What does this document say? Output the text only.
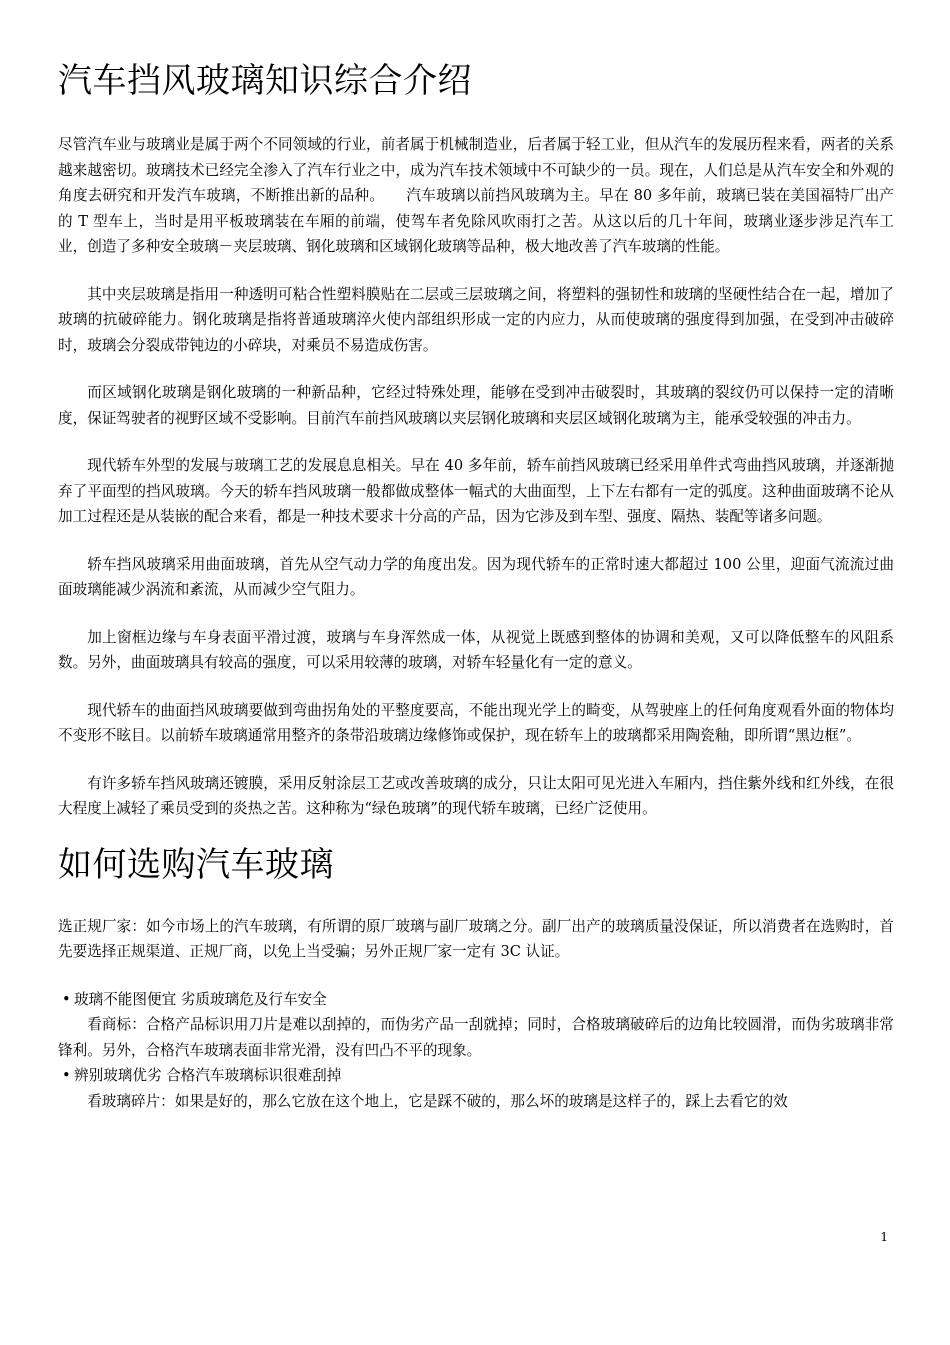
汽车挡风玻璃知识综合介绍

尽管汽车业与玻璃业是属于两个不同领域的行业，前者属于机械制造业，后者属于轻工业，但从汽车的发展历程来看，两者的关系越来越密切。玻璃技术已经完全渗入了汽车行业之中，成为汽车技术领域中不可缺少的一员。现在，人们总是从汽车安全和外观的角度去研究和开发汽车玻璃，不断推出新的品种。　　汽车玻璃以前挡风玻璃为主。早在 80 多年前，玻璃已装在美国福特厂出产的 T 型车上，当时是用平板玻璃装在车厢的前端，使驾车者免除风吹雨打之苦。从这以后的几十年间，玻璃业逐步涉足汽车工业，创造了多种安全玻璃－夹层玻璃、钢化玻璃和区域钢化玻璃等品种，极大地改善了汽车玻璃的性能。

其中夹层玻璃是指用一种透明可粘合性塑料膜贴在二层或三层玻璃之间，将塑料的强韧性和玻璃的坚硬性结合在一起，增加了玻璃的抗破碎能力。钢化玻璃是指将普通玻璃淬火使内部组织形成一定的内应力，从而使玻璃的强度得到加强，在受到冲击破碎时，玻璃会分裂成带钝边的小碎块，对乘员不易造成伤害。

而区域钢化玻璃是钢化玻璃的一种新品种，它经过特殊处理，能够在受到冲击破裂时，其玻璃的裂纹仍可以保持一定的清晰度，保证驾驶者的视野区域不受影响。目前汽车前挡风玻璃以夹层钢化玻璃和夹层区域钢化玻璃为主，能承受较强的冲击力。

现代轿车外型的发展与玻璃工艺的发展息息相关。早在 40 多年前，轿车前挡风玻璃已经采用单件式弯曲挡风玻璃，并逐渐抛弃了平面型的挡风玻璃。今天的轿车挡风玻璃一般都做成整体一幅式的大曲面型，上下左右都有一定的弧度。这种曲面玻璃不论从加工过程还是从装嵌的配合来看，都是一种技术要求十分高的产品，因为它涉及到车型、强度、隔热、装配等诸多问题。

轿车挡风玻璃采用曲面玻璃，首先从空气动力学的角度出发。因为现代轿车的正常时速大都超过 100 公里，迎面气流流过曲面玻璃能减少涡流和紊流，从而减少空气阻力。

加上窗框边缘与车身表面平滑过渡，玻璃与车身浑然成一体，从视觉上既感到整体的协调和美观，又可以降低整车的风阻系数。另外，曲面玻璃具有较高的强度，可以采用较薄的玻璃，对轿车轻量化有一定的意义。

现代轿车的曲面挡风玻璃要做到弯曲拐角处的平整度要高，不能出现光学上的畸变，从驾驶座上的任何角度观看外面的物体均不变形不眩目。以前轿车玻璃通常用整齐的条带沿玻璃边缘修饰或保护，现在轿车上的玻璃都采用陶瓷釉，即所谓“黑边框”。

有许多轿车挡风玻璃还镀膜，采用反射涂层工艺或改善玻璃的成分，只让太阳可见光进入车厢内，挡住紫外线和红外线，在很大程度上减轻了乘员受到的炎热之苦。这种称为“绿色玻璃”的现代轿车玻璃，已经广泛使用。

如何选购汽车玻璃

选正规厂家：如今市场上的汽车玻璃，有所谓的原厂玻璃与副厂玻璃之分。副厂出产的玻璃质量没保证，所以消费者在选购时，首先要选择正规渠道、正规厂商，以免上当受骗；另外正规厂家一定有 3C 认证。

• 玻璃不能图便宜 劣质玻璃危及行车安全
看商标：合格产品标识用刀片是难以刮掉的，而伪劣产品一刮就掉；同时，合格玻璃破碎后的边角比较圆滑，而伪劣玻璃非常锋利。另外，合格汽车玻璃表面非常光滑，没有凹凸不平的现象。
• 辨别玻璃优劣 合格汽车玻璃标识很难刮掉
看玻璃碎片：如果是好的，那么它放在这个地上，它是踩不破的，那么坏的玻璃是这样子的，踩上去看它的效
1
